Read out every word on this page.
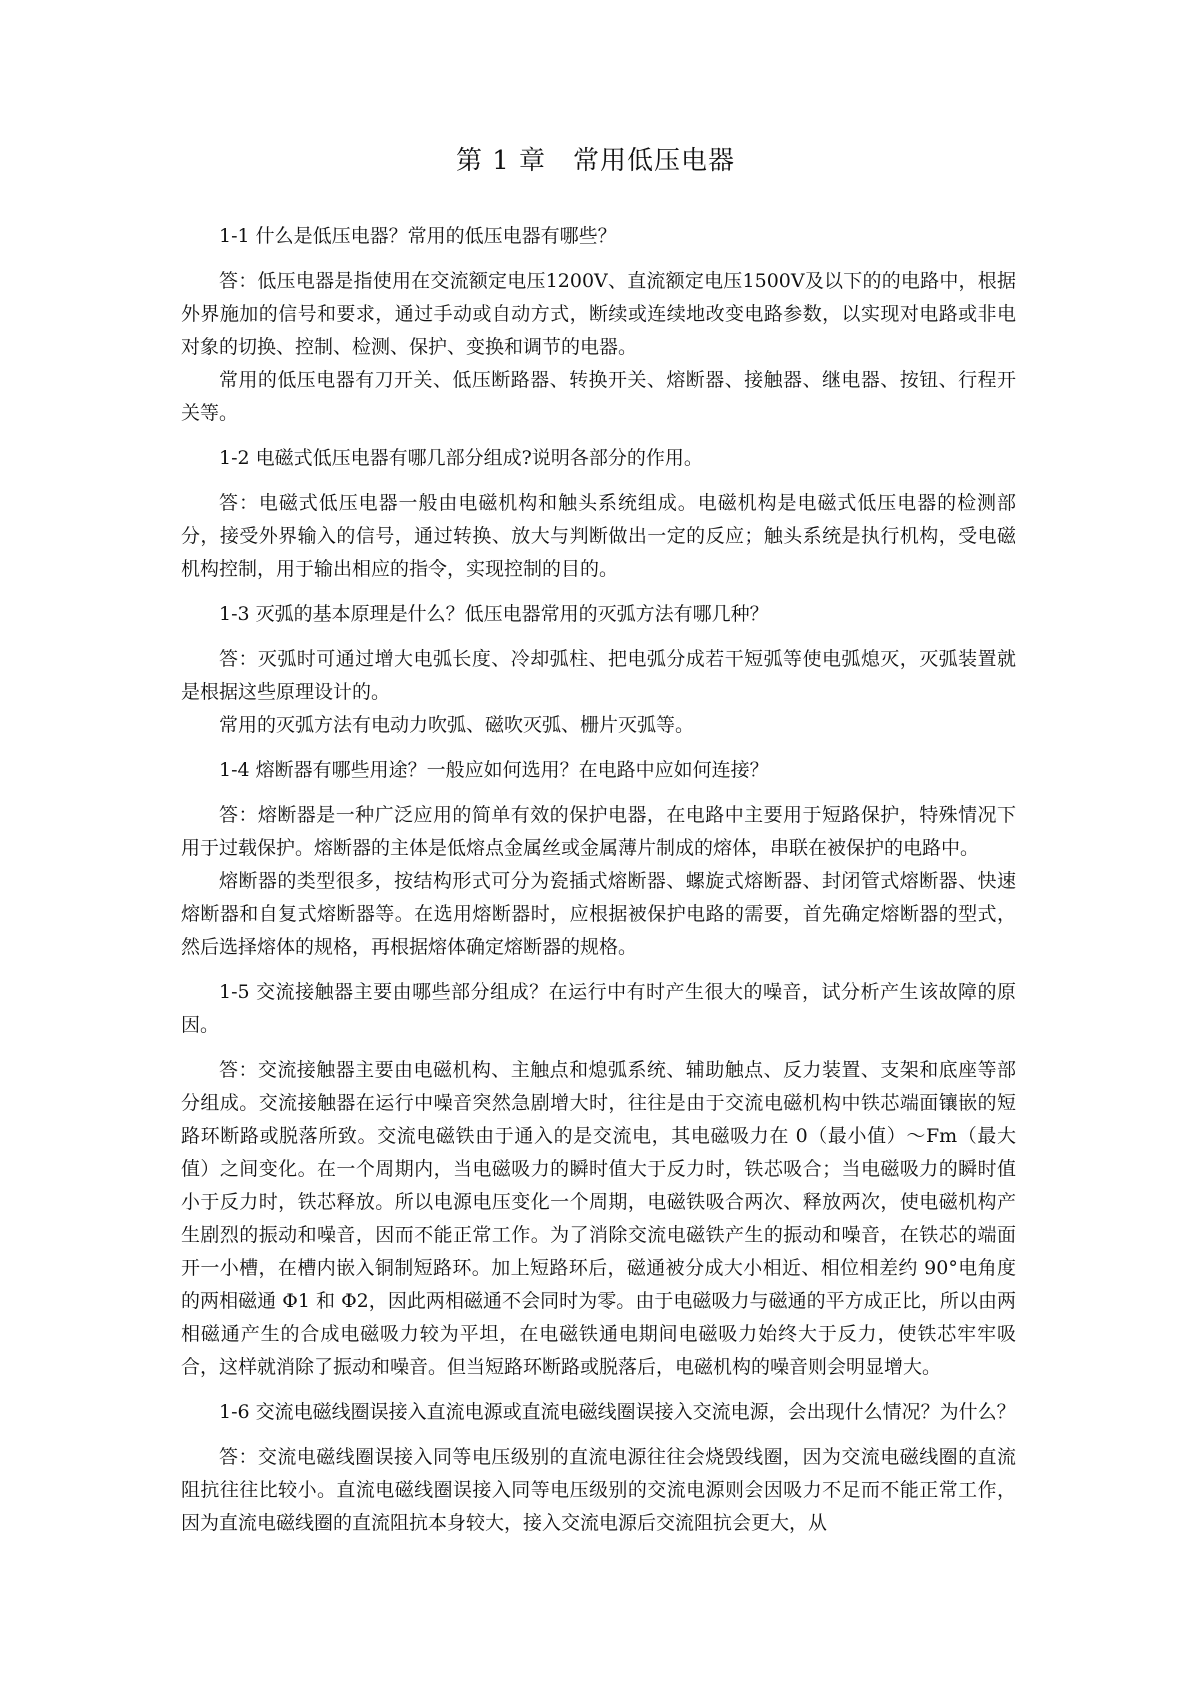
第 1 章　常用低压电器

1-1 什么是低压电器？常用的低压电器有哪些？

答：低压电器是指使用在交流额定电压1200V、直流额定电压1500V及以下的的电路中，根据外界施加的信号和要求，通过手动或自动方式，断续或连续地改变电路参数，以实现对电路或非电对象的切换、控制、检测、保护、变换和调节的电器。

常用的低压电器有刀开关、低压断路器、转换开关、熔断器、接触器、继电器、按钮、行程开关等。

1-2 电磁式低压电器有哪几部分组成?说明各部分的作用。

答：电磁式低压电器一般由电磁机构和触头系统组成。电磁机构是电磁式低压电器的检测部分，接受外界输入的信号，通过转换、放大与判断做出一定的反应；触头系统是执行机构，受电磁机构控制，用于输出相应的指令，实现控制的目的。

1-3 灭弧的基本原理是什么？低压电器常用的灭弧方法有哪几种？

答：灭弧时可通过增大电弧长度、冷却弧柱、把电弧分成若干短弧等使电弧熄灭，灭弧装置就是根据这些原理设计的。

常用的灭弧方法有电动力吹弧、磁吹灭弧、栅片灭弧等。

1-4 熔断器有哪些用途？一般应如何选用？在电路中应如何连接？

答：熔断器是一种广泛应用的简单有效的保护电器，在电路中主要用于短路保护，特殊情况下用于过载保护。熔断器的主体是低熔点金属丝或金属薄片制成的熔体，串联在被保护的电路中。

熔断器的类型很多，按结构形式可分为瓷插式熔断器、螺旋式熔断器、封闭管式熔断器、快速熔断器和自复式熔断器等。在选用熔断器时，应根据被保护电路的需要，首先确定熔断器的型式，然后选择熔体的规格，再根据熔体确定熔断器的规格。

1-5 交流接触器主要由哪些部分组成？在运行中有时产生很大的噪音，试分析产生该故障的原因。

答：交流接触器主要由电磁机构、主触点和熄弧系统、辅助触点、反力装置、支架和底座等部分组成。交流接触器在运行中噪音突然急剧增大时，往往是由于交流电磁机构中铁芯端面镶嵌的短路环断路或脱落所致。交流电磁铁由于通入的是交流电，其电磁吸力在 0（最小值）～Fm（最大值）之间变化。在一个周期内，当电磁吸力的瞬时值大于反力时，铁芯吸合；当电磁吸力的瞬时值小于反力时，铁芯释放。所以电源电压变化一个周期，电磁铁吸合两次、释放两次，使电磁机构产生剧烈的振动和噪音，因而不能正常工作。为了消除交流电磁铁产生的振动和噪音，在铁芯的端面开一小槽，在槽内嵌入铜制短路环。加上短路环后，磁通被分成大小相近、相位相差约 90°电角度的两相磁通 Φ1 和 Φ2，因此两相磁通不会同时为零。由于电磁吸力与磁通的平方成正比，所以由两相磁通产生的合成电磁吸力较为平坦，在电磁铁通电期间电磁吸力始终大于反力，使铁芯牢牢吸合，这样就消除了振动和噪音。但当短路环断路或脱落后，电磁机构的噪音则会明显增大。

1-6 交流电磁线圈误接入直流电源或直流电磁线圈误接入交流电源，会出现什么情况？为什么？

答：交流电磁线圈误接入同等电压级别的直流电源往往会烧毁线圈，因为交流电磁线圈的直流阻抗往往比较小。直流电磁线圈误接入同等电压级别的交流电源则会因吸力不足而不能正常工作，因为直流电磁线圈的直流阻抗本身较大，接入交流电源后交流阻抗会更大，从
